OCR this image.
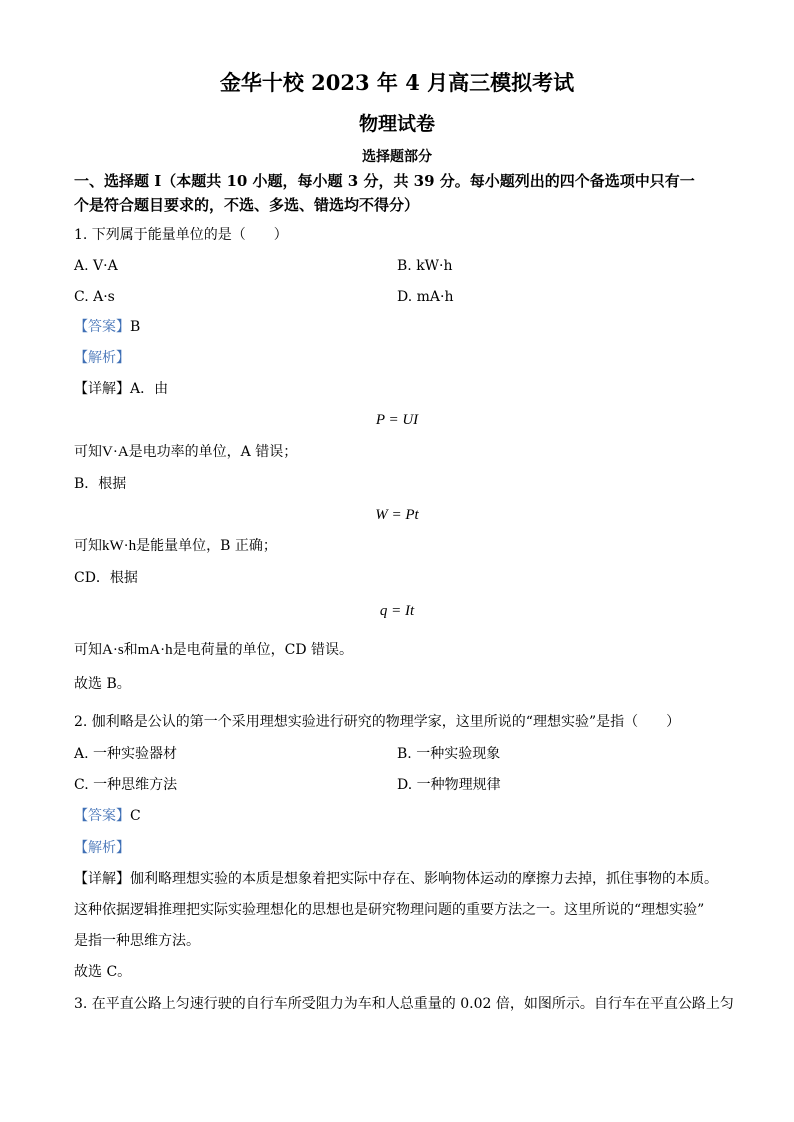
金华十校 2023 年 4 月高三模拟考试
物理试卷
选择题部分
一、选择题 I（本题共 10 小题，每小题 3 分，共 39 分。每小题列出的四个备选项中只有一
个是符合题目要求的，不选、多选、错选均不得分）
1. 下列属于能量单位的是（　　）
A. V·A	B. kW·h
C. A·s	D. mA·h
【答案】B
【解析】
【详解】A．由
P = UI
可知V·A是电功率的单位，A 错误；
B．根据
W = Pt
可知kW·h是能量单位，B 正确；
CD．根据
q = It
可知A·s和mA·h是电荷量的单位，CD 错误。
故选 B。
2. 伽利略是公认的第一个采用理想实验进行研究的物理学家，这里所说的“理想实验”是指（　　）
A. 一种实验器材	B. 一种实验现象
C. 一种思维方法	D. 一种物理规律
【答案】C
【解析】
【详解】伽利略理想实验的本质是想象着把实际中存在、影响物体运动的摩擦力去掉，抓住事物的本质。
这种依据逻辑推理把实际实验理想化的思想也是研究物理问题的重要方法之一。这里所说的“理想实验”
是指一种思维方法。
故选 C。
3. 在平直公路上匀速行驶的自行车所受阻力为车和人总重量的 0.02 倍，如图所示。自行车在平直公路上匀
